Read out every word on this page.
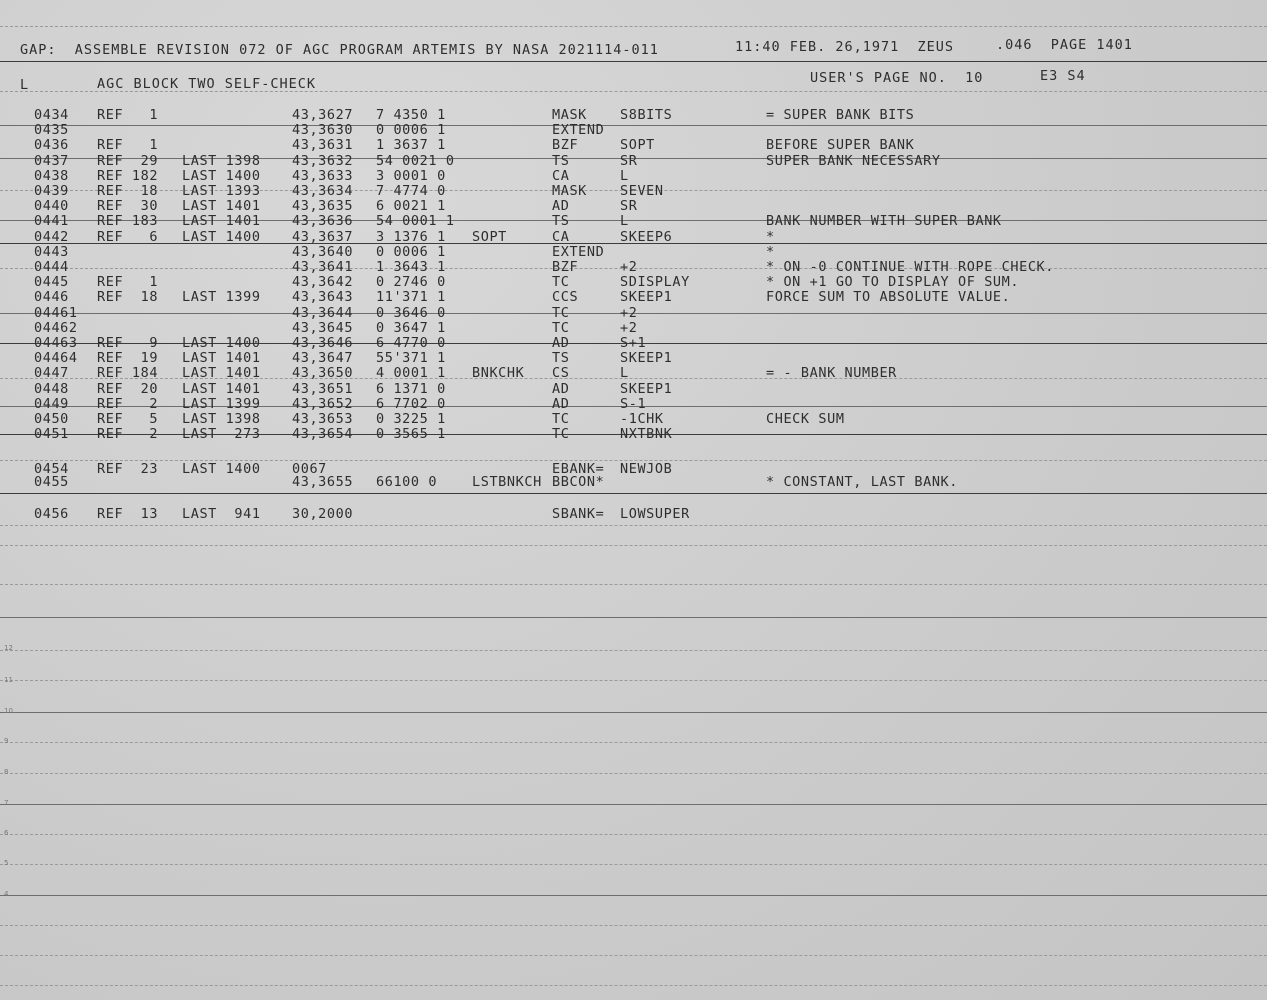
12
11
10
9
8
7
6
5
4
GAP:  ASSEMBLE REVISION 072 OF AGC PROGRAM ARTEMIS BY NASA 2021114-011	11:40 FEB. 26,1971  ZEUS	.046  PAGE 1401
L	AGC BLOCK TWO SELF-CHECK	USER'S PAGE NO.  10	E3 S4
0434 REF   1	43,3627 7 4350 1	MASK S8BITS	= SUPER BANK BITS
0435	43,3630 0 0006 1	EXTEND
0436 REF   1	43,3631 1 3637 1	BZF	SOPT	BEFORE SUPER BANK
0437 REF  29 LAST 1398 43,3632 54 0021 0	TS	SR	SUPER BANK NECESSARY
0438 REF 182 LAST 1400 43,3633 3 0001 0	CA	L
0439 REF  18 LAST 1393 43,3634 7 4774 0	MASK SEVEN
0440 REF  30 LAST 1401 43,3635 6 0021 1	AD	SR
0441 REF 183 LAST 1401 43,3636 54 0001 1	TS	L	BANK NUMBER WITH SUPER BANK
0442 REF   6 LAST 1400 43,3637 3 1376 1 SOPT	CA	SKEEP6	*
0443	43,3640 0 0006 1	EXTEND	*
0444	43,3641 1 3643 1	BZF	+2	* ON -0 CONTINUE WITH ROPE CHECK.
0445 REF   1	43,3642 0 2746 0	TC	SDISPLAY	* ON +1 GO TO DISPLAY OF SUM.
0446 REF  18 LAST 1399 43,3643 11'371 1	CCS	SKEEP1	FORCE SUM TO ABSOLUTE VALUE.
04461	43,3644 0 3646 0	TC	+2
04462	43,3645 0 3647 1	TC	+2
04463 REF   9 LAST 1400 43,3646 6 4770 0	AD	S+1
04464 REF  19 LAST 1401 43,3647 55'371 1	TS	SKEEP1
0447 REF 184 LAST 1401 43,3650 4 0001 1 BNKCHK CS	L	= - BANK NUMBER
0448 REF  20 LAST 1401 43,3651 6 1371 0	AD	SKEEP1
0449 REF   2 LAST 1399 43,3652 6 7702 0	AD	S-1
0450 REF   5 LAST 1398 43,3653 0 3225 1	TC	-1CHK	CHECK SUM
0451 REF   2 LAST  273 43,3654 0 3565 1	TC	NXTBNK
0454 REF  23 LAST 1400 0067	EBANK= NEWJOB
0455	43,3655 66100 0	LSTBNKCH BBCON*	* CONSTANT, LAST BANK.
0456 REF  13 LAST  941 30,2000	SBANK= LOWSUPER
